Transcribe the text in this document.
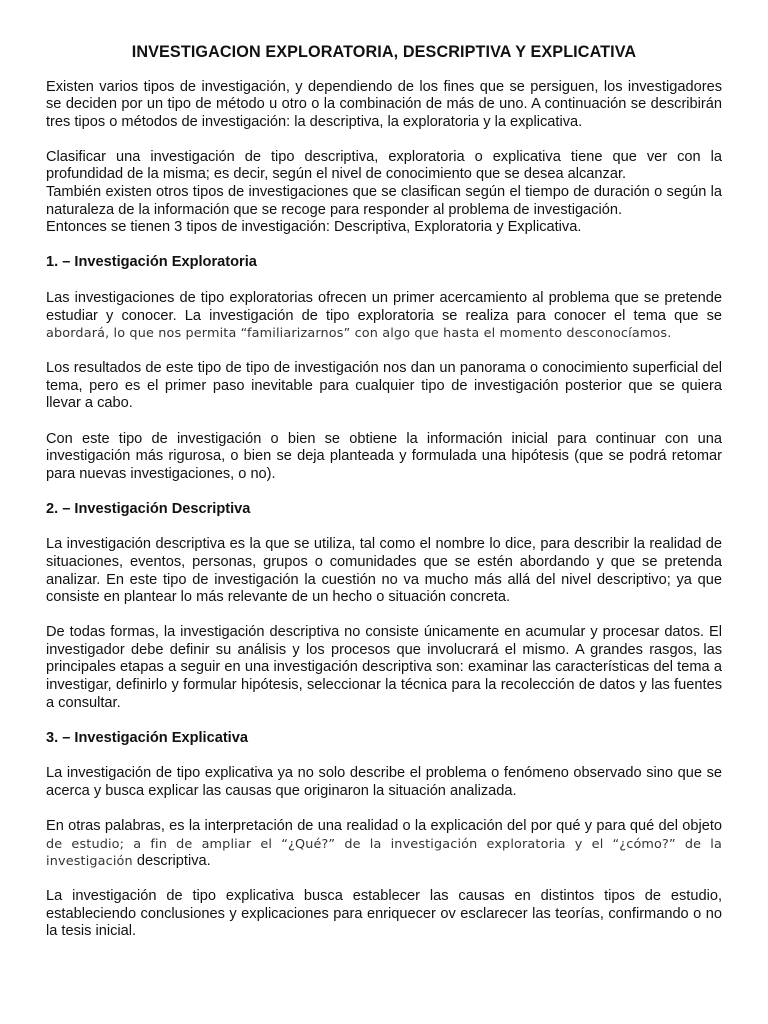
INVESTIGACION EXPLORATORIA, DESCRIPTIVA Y EXPLICATIVA

Existen varios tipos de investigación, y dependiendo de los fines que se persiguen, los investigadores se deciden por un tipo de método u otro o la combinación de más de uno. A continuación se describirán tres tipos o métodos de investigación: la descriptiva, la exploratoria y la explicativa.

Clasificar una investigación de tipo descriptiva, exploratoria o explicativa tiene que ver con la profundidad de la misma; es decir, según el nivel de conocimiento que se desea alcanzar.

También existen otros tipos de investigaciones que se clasifican según el tiempo de duración o según la naturaleza de la información que se recoge para responder al problema de investigación.

Entonces se tienen 3 tipos de investigación: Descriptiva, Exploratoria y Explicativa.

1. – Investigación Exploratoria

Las investigaciones de tipo exploratorias ofrecen un primer acercamiento al problema que se pretende estudiar y conocer. La investigación de tipo exploratoria se realiza para conocer el tema que se abordará, lo que nos permita “familiarizarnos” con algo que hasta el momento desconocíamos.

Los resultados de este tipo de tipo de investigación nos dan un panorama o conocimiento superficial del tema, pero es el primer paso inevitable para cualquier tipo de investigación posterior que se quiera llevar a cabo.

Con este tipo de investigación o bien se obtiene la información inicial para continuar con una investigación más rigurosa, o bien se deja planteada y formulada una hipótesis (que se podrá retomar para nuevas investigaciones, o no).

2. – Investigación Descriptiva

La investigación descriptiva es la que se utiliza, tal como el nombre lo dice, para describir la realidad de situaciones, eventos, personas, grupos o comunidades que se estén abordando y que se pretenda analizar. En este tipo de investigación la cuestión no va mucho más allá del nivel descriptivo; ya que consiste en plantear lo más relevante de un hecho o situación concreta.

De todas formas, la investigación descriptiva no consiste únicamente en acumular y procesar datos. El investigador debe definir su análisis y los procesos que involucrará el mismo. A grandes rasgos, las principales etapas a seguir en una investigación descriptiva son: examinar las características del tema a investigar, definirlo y formular hipótesis, seleccionar la técnica para la recolección de datos y las fuentes a consultar.

3. – Investigación Explicativa

La investigación de tipo explicativa ya no solo describe el problema o fenómeno observado sino que se acerca y busca explicar las causas que originaron la situación analizada.

En otras palabras, es la interpretación de una realidad o la explicación del por qué y para qué del objeto de estudio; a fin de ampliar el “¿Qué?” de la investigación exploratoria y el “¿cómo?” de la investigación descriptiva.

La investigación de tipo explicativa busca establecer las causas en distintos tipos de estudio, estableciendo conclusiones y explicaciones para enriquecer ov esclarecer las teorías, confirmando o no la tesis inicial.
